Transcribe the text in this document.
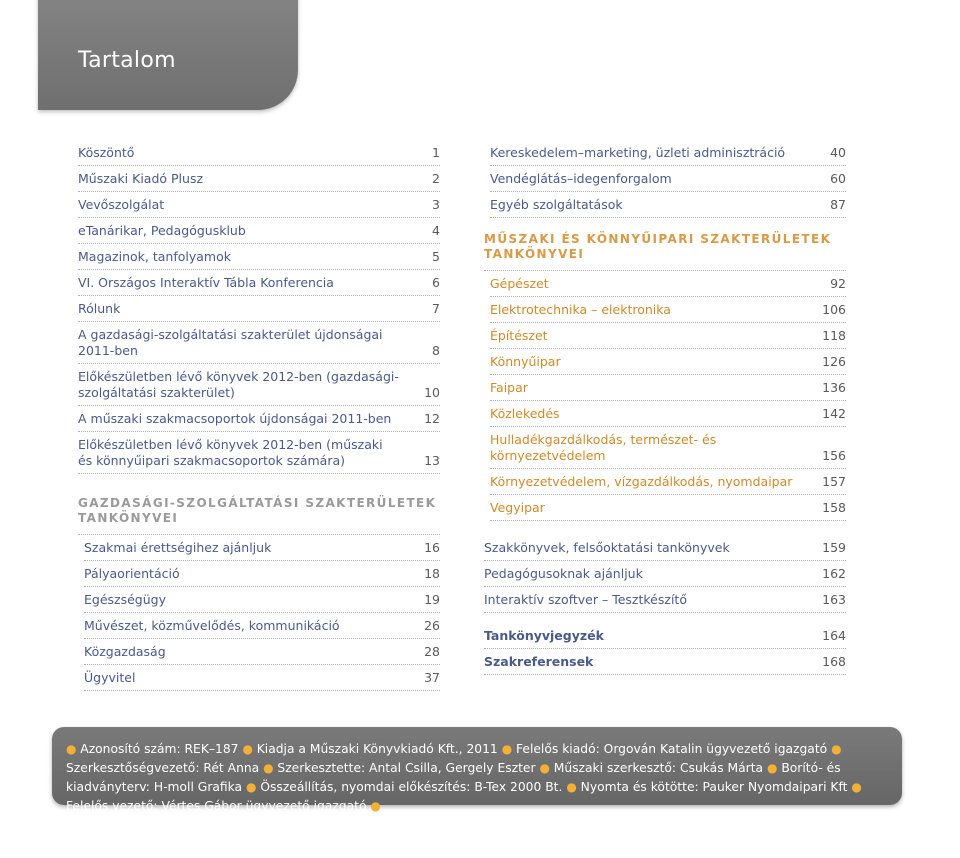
Tartalom
Köszöntő	1
Műszaki Kiadó Plusz	2
Vevőszolgálat	3
eTanárikar, Pedagógusklub	4
Magazinok, tanfolyamok	5
VI. Országos Interaktív Tábla Konferencia	6
Rólunk	7
A gazdasági-szolgáltatási szakterület újdonságai 2011-ben	8
Előkészületben lévő könyvek 2012-ben (gazdasági-szolgáltatási szakterület)	10
A műszaki szakmacsoportok újdonságai 2011-ben	12
Előkészületben lévő könyvek 2012-ben (műszaki és könnyűipari szakmacsoportok számára)	13
GAZDASÁGI-SZOLGÁLTATÁSI SZAKTERÜLETEK TANKÖNYVEI
Szakmai érettségihez ajánljuk	16
Pályaorientáció	18
Egészségügy	19
Művészet, közművelődés, kommunikáció	26
Közgazdaság	28
Ügyvitel	37
Kereskedelem–marketing, üzleti adminisztráció	40
Vendéglátás–idegenforgalom	60
Egyéb szolgáltatások	87
MŰSZAKI ÉS KÖNNYŰIPARI SZAKTERÜLETEK TANKÖNYVEI
Gépészet	92
Elektrotechnika – elektronika	106
Építészet	118
Könnyűipar	126
Faipar	136
Közlekedés	142
Hulladékgazdálkodás, természet- és környezetvédelem	156
Környezetvédelem, vízgazdálkodás, nyomdaipar	157
Vegyipar	158
Szakkönyvek, felsőoktatási tankönyvek	159
Pedagógusoknak ajánljuk	162
Interaktív szoftver – Tesztkészítő	163
Tankönyvjegyzék	164
Szakreferensek	168
● Azonosító szám: REK–187 ● Kiadja a Műszaki Könyvkiadó Kft., 2011 ● Felelős kiadó: Orgován Katalin ügyvezető igazgató ● Szerkesztőségvezető: Rét Anna ● Szerkesztette: Antal Csilla, Gergely Eszter ● Műszaki szerkesztő: Csukás Márta ● Borító- és kiadványterv: H-moll Grafika ● Összeállítás, nyomdai előkészítés: B-Tex 2000 Bt. ● Nyomta és kötötte: Pauker Nyomdaipari Kft ● Felelős vezető: Vértes Gábor ügyvezető igazgató ●
